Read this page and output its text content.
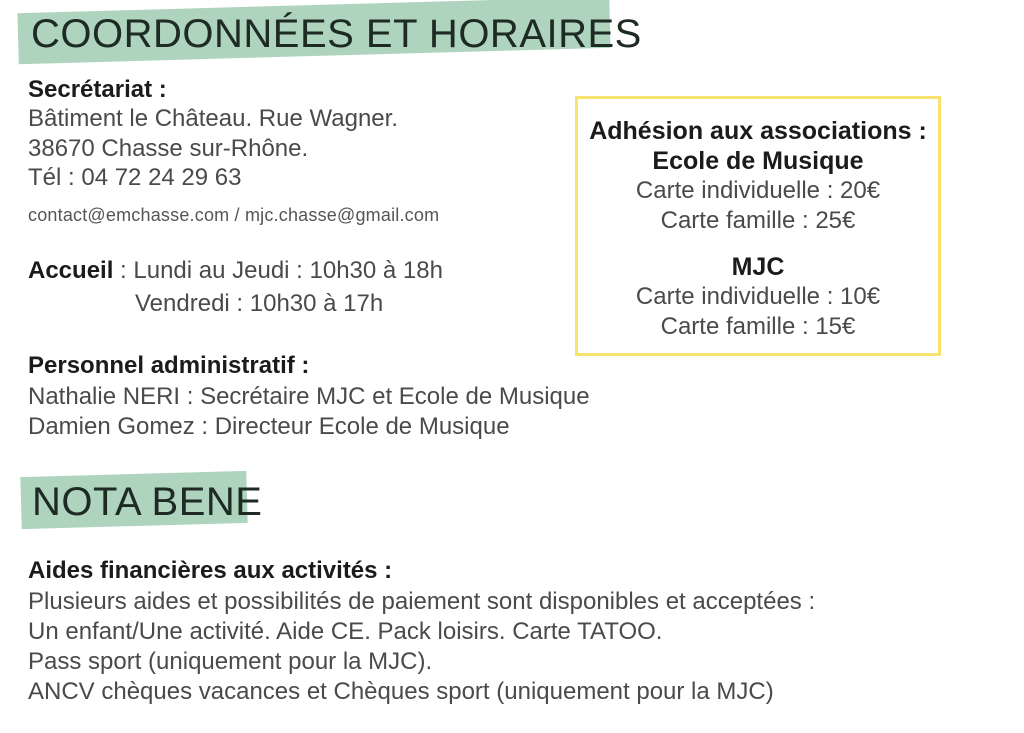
COORDONNÉES ET HORAIRES
Secrétariat :
Bâtiment le Château. Rue Wagner.
38670 Chasse sur-Rhône.
Tél : 04 72 24 29 63
contact@emchasse.com / mjc.chasse@gmail.com
Accueil : Lundi au Jeudi : 10h30 à 18h
Vendredi : 10h30 à 17h
Personnel administratif :
Nathalie NERI : Secrétaire MJC et Ecole de Musique
Damien Gomez : Directeur Ecole de Musique
Adhésion aux associations :
Ecole de Musique
Carte individuelle : 20€
Carte famille : 25€
MJC
Carte individuelle : 10€
Carte famille : 15€
NOTA BENE
Aides financières aux activités :
Plusieurs aides et possibilités de paiement sont disponibles et acceptées :
Un enfant/Une activité. Aide CE. Pack loisirs. Carte TATOO.
Pass sport (uniquement pour la MJC).
ANCV chèques vacances et Chèques sport (uniquement pour la MJC)
